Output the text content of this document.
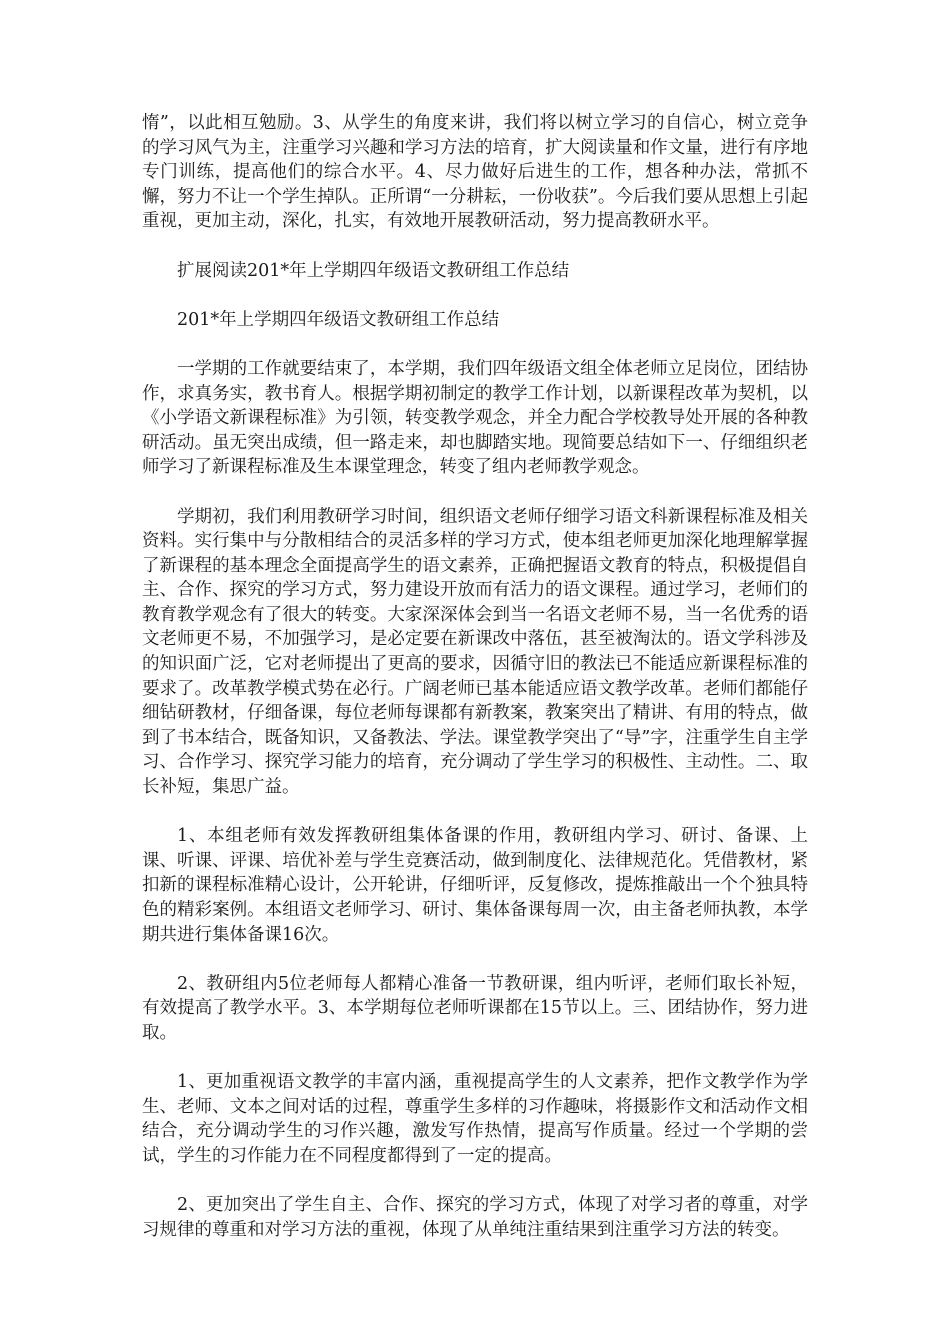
惰”，以此相互勉励。3、从学生的角度来讲，我们将以树立学习的自信心，树立竞争的学习风气为主，注重学习兴趣和学习方法的培育，扩大阅读量和作文量，进行有序地专门训练，提高他们的综合水平。4、尽力做好后进生的工作，想各种办法，常抓不懈，努力不让一个学生掉队。正所谓“一分耕耘，一份收获”。今后我们要从思想上引起重视，更加主动，深化，扎实，有效地开展教研活动，努力提高教研水平。

扩展阅读201*年上学期四年级语文教研组工作总结

201*年上学期四年级语文教研组工作总结

一学期的工作就要结束了，本学期，我们四年级语文组全体老师立足岗位，团结协作，求真务实，教书育人。根据学期初制定的教学工作计划，以新课程改革为契机，以《小学语文新课程标准》为引领，转变教学观念，并全力配合学校教导处开展的各种教研活动。虽无突出成绩，但一路走来，却也脚踏实地。现简要总结如下一、仔细组织老师学习了新课程标准及生本课堂理念，转变了组内老师教学观念。

学期初，我们利用教研学习时间，组织语文老师仔细学习语文科新课程标准及相关资料。实行集中与分散相结合的灵活多样的学习方式，使本组老师更加深化地理解掌握了新课程的基本理念全面提高学生的语文素养，正确把握语文教育的特点，积极提倡自主、合作、探究的学习方式，努力建设开放而有活力的语文课程。通过学习，老师们的教育教学观念有了很大的转变。大家深深体会到当一名语文老师不易，当一名优秀的语文老师更不易，不加强学习，是必定要在新课改中落伍，甚至被淘汰的。语文学科涉及的知识面广泛，它对老师提出了更高的要求，因循守旧的教法已不能适应新课程标准的要求了。改革教学模式势在必行。广阔老师已基本能适应语文教学改革。老师们都能仔细钻研教材，仔细备课，每位老师每课都有新教案，教案突出了精讲、有用的特点，做到了书本结合，既备知识，又备教法、学法。课堂教学突出了“导”字，注重学生自主学习、合作学习、探究学习能力的培育，充分调动了学生学习的积极性、主动性。二、取长补短，集思广益。

1、本组老师有效发挥教研组集体备课的作用，教研组内学习、研讨、备课、上课、听课、评课、培优补差与学生竞赛活动，做到制度化、法律规范化。凭借教材，紧扣新的课程标准精心设计，公开轮讲，仔细听评，反复修改，提炼推敲出一个个独具特色的精彩案例。本组语文老师学习、研讨、集体备课每周一次，由主备老师执教，本学期共进行集体备课16次。

2、教研组内5位老师每人都精心准备一节教研课，组内听评，老师们取长补短，有效提高了教学水平。3、本学期每位老师听课都在15节以上。三、团结协作，努力进取。

1、更加重视语文教学的丰富内涵，重视提高学生的人文素养，把作文教学作为学生、老师、文本之间对话的过程，尊重学生多样的习作趣味，将摄影作文和活动作文相结合，充分调动学生的习作兴趣，激发写作热情，提高写作质量。经过一个学期的尝试，学生的习作能力在不同程度都得到了一定的提高。

2、更加突出了学生自主、合作、探究的学习方式，体现了对学习者的尊重，对学习规律的尊重和对学习方法的重视，体现了从单纯注重结果到注重学习方法的转变。
